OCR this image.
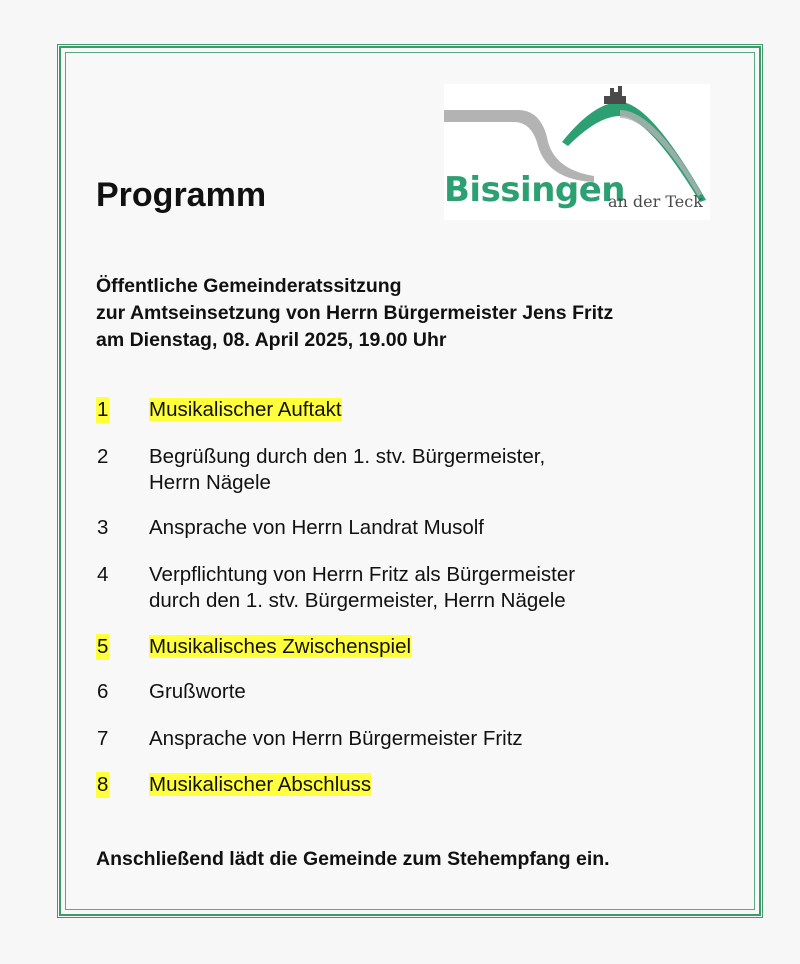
Bissingen
an der Teck
Programm
Öffentliche Gemeinderatssitzung
zur Amtseinsetzung von Herrn Bürgermeister Jens Fritz
am Dienstag, 08. April 2025, 19.00 Uhr
1 Musikalischer Auftakt
2 Begrüßung durch den 1. stv. Bürgermeister,
Herrn Nägele
3 Ansprache von Herrn Landrat Musolf
4 Verpflichtung von Herrn Fritz als Bürgermeister
durch den 1. stv. Bürgermeister, Herrn Nägele
5 Musikalisches Zwischenspiel
6 Grußworte
7 Ansprache von Herrn Bürgermeister Fritz
8 Musikalischer Abschluss
Anschließend lädt die Gemeinde zum Stehempfang ein.
